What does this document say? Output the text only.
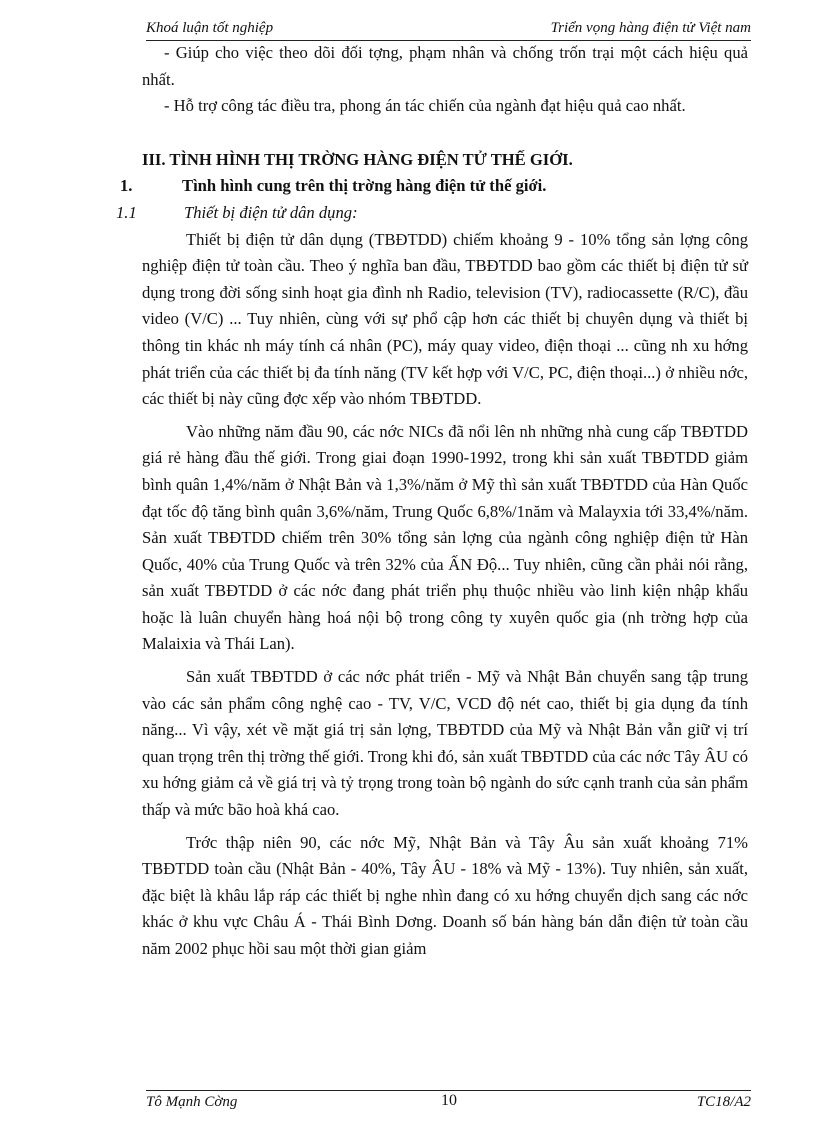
Khoá luận tốt nghiệp	Triển vọng hàng điện tử Việt nam

- Giúp cho việc theo dõi đối tợng, phạm nhân và chống trốn trại một cách hiệu quả nhất.

- Hỗ trợ công tác điều tra, phong án tác chiến của ngành đạt hiệu quả cao nhất.

III. TÌNH HÌNH THỊ TRỜNG HÀNG ĐIỆN TỬ THẾ GIỚI.

1.	Tình hình cung trên thị trờng hàng điện tử thế giới.
1.1	Thiết bị điện tử dân dụng:

Thiết bị điện tử dân dụng (TBĐTDD) chiếm khoảng 9 - 10% tổng sản lợng công nghiệp điện tử toàn cầu. Theo ý nghĩa ban đầu, TBĐTDD bao gồm các thiết bị điện tử sử dụng trong đời sống sinh hoạt gia đình nh Radio, television (TV), radiocassette (R/C), đầu video (V/C) ... Tuy nhiên, cùng với sự phổ cập hơn các thiết bị chuyên dụng và thiết bị thông tin khác nh máy tính cá nhân (PC), máy quay video, điện thoại ... cũng nh xu hớng phát triển của các thiết bị đa tính năng (TV kết hợp với V/C, PC, điện thoại...) ở nhiều nớc, các thiết bị này cũng đợc xếp vào nhóm TBĐTDD.

Vào những năm đầu 90, các nớc NICs đã nổi lên nh những nhà cung cấp TBĐTDD giá rẻ hàng đầu thế giới. Trong giai đoạn 1990-1992, trong khi sản xuất TBĐTDD giảm bình quân 1,4%/năm ở Nhật Bản và 1,3%/năm ở Mỹ thì sản xuất TBĐTDD của Hàn Quốc đạt tốc độ tăng bình quân 3,6%/năm, Trung Quốc 6,8%/1năm và Malayxia tới 33,4%/năm. Sản xuất TBĐTDD chiếm trên 30% tổng sản lợng của ngành công nghiệp điện tử Hàn Quốc, 40% của Trung Quốc và trên 32% của ẤN Độ... Tuy nhiên, cũng cần phải nói rằng, sản xuất TBĐTDD ở các nớc đang phát triển phụ thuộc nhiều vào linh kiện nhập khẩu hoặc là luân chuyển hàng hoá nội bộ trong công ty xuyên quốc gia (nh trờng hợp của Malaixia và Thái Lan).

Sản xuất TBĐTDD ở các nớc phát triển - Mỹ và Nhật Bản chuyển sang tập trung vào các sản phẩm công nghệ cao - TV, V/C, VCD độ nét cao, thiết bị gia dụng đa tính năng... Vì vậy, xét về mặt giá trị sản lợng, TBĐTDD của Mỹ và Nhật Bản vẫn giữ vị trí quan trọng trên thị trờng thế giới. Trong khi đó, sản xuất TBĐTDD của các nớc Tây ÂU có xu hớng giảm cả về giá trị và tỷ trọng trong toàn bộ ngành do sức cạnh tranh của sản phẩm thấp và mức bão hoà khá cao.

Trớc thập niên 90, các nớc Mỹ, Nhật Bản và Tây Âu sản xuất khoảng 71% TBĐTDD toàn cầu (Nhật Bản - 40%, Tây ÂU - 18% và Mỹ - 13%). Tuy nhiên, sản xuất, đặc biệt là khâu lắp ráp các thiết bị nghe nhìn đang có xu hớng chuyển dịch sang các nớc khác ở khu vực Châu Á - Thái Bình Dơng. Doanh số bán hàng bán dẫn điện tử toàn cầu năm 2002 phục hồi sau một thời gian giảm

Tô Mạnh Cờng	10	TC18/A2
